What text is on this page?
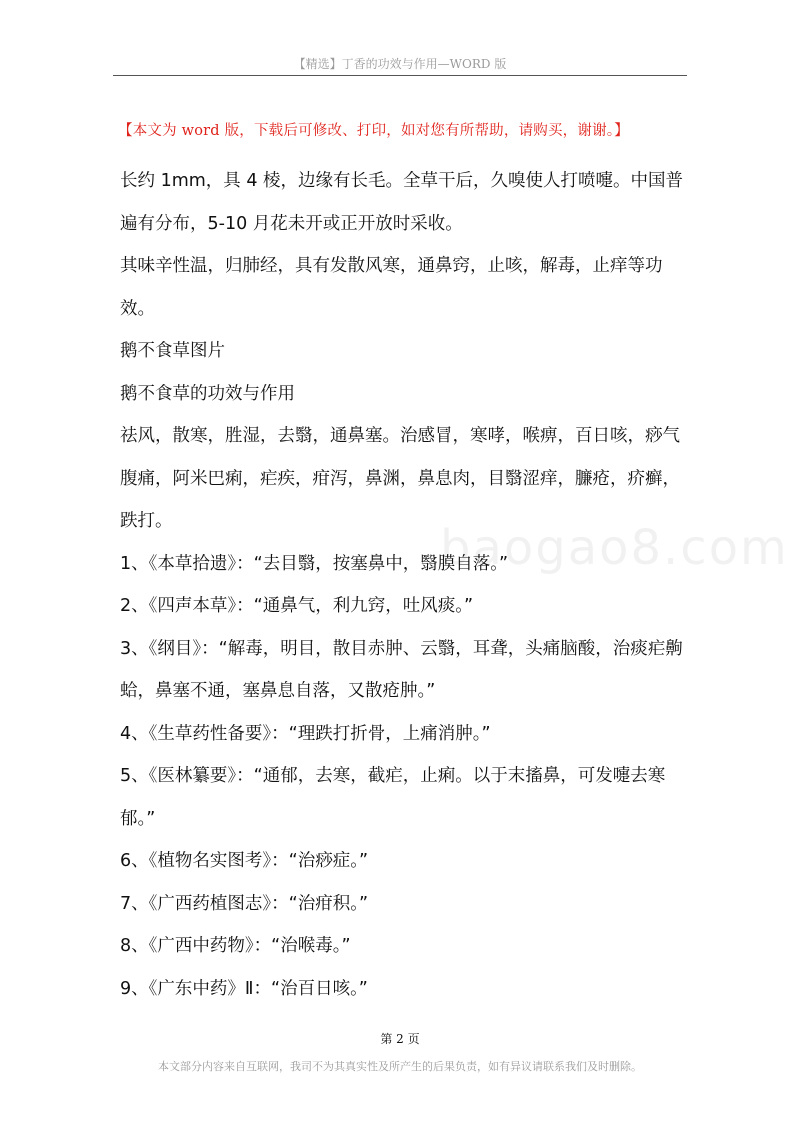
【精选】丁香的功效与作用—WORD 版
【本文为 word 版，下载后可修改、打印，如对您有所帮助，请购买，谢谢。】
baogao8.com

长约 1mm，具 4 棱，边缘有长毛。全草干后，久嗅使人打喷嚏。中国普遍有分布，5-10 月花未开或正开放时采收。

其味辛性温，归肺经，具有发散风寒，通鼻窍，止咳，解毒，止痒等功效。

鹅不食草图片

鹅不食草的功效与作用

祛风，散寒，胜湿，去翳，通鼻塞。治感冒，寒哮，喉痹，百日咳，痧气腹痛，阿米巴痢，疟疾，疳泻，鼻渊，鼻息肉，目翳涩痒，臁疮，疥癣，跌打。

1、《本草拾遗》：“去目翳，按塞鼻中，翳膜自落。”

2、《四声本草》：“通鼻气，利九窍，吐风痰。”

3、《纲目》：“解毒，明目，散目赤肿、云翳，耳聋，头痛脑酸，治痰疟齁蛤，鼻塞不通，塞鼻息自落，又散疮肿。”

4、《生草药性备要》：“理跌打折骨，上痛消肿。”

5、《医林纂要》：“通郁，去寒，截疟，止痢。以于末搐鼻，可发嚏去寒郁。”

6、《植物名实图考》：“治痧症。”

7、《广西药植图志》：“治疳积。”

8、《广西中药物》：“治喉毒。”

9、《广东中药》Ⅱ：“治百日咳。”

第 2 页
本文部分内容来自互联网，我司不为其真实性及所产生的后果负责，如有异议请联系我们及时删除。
